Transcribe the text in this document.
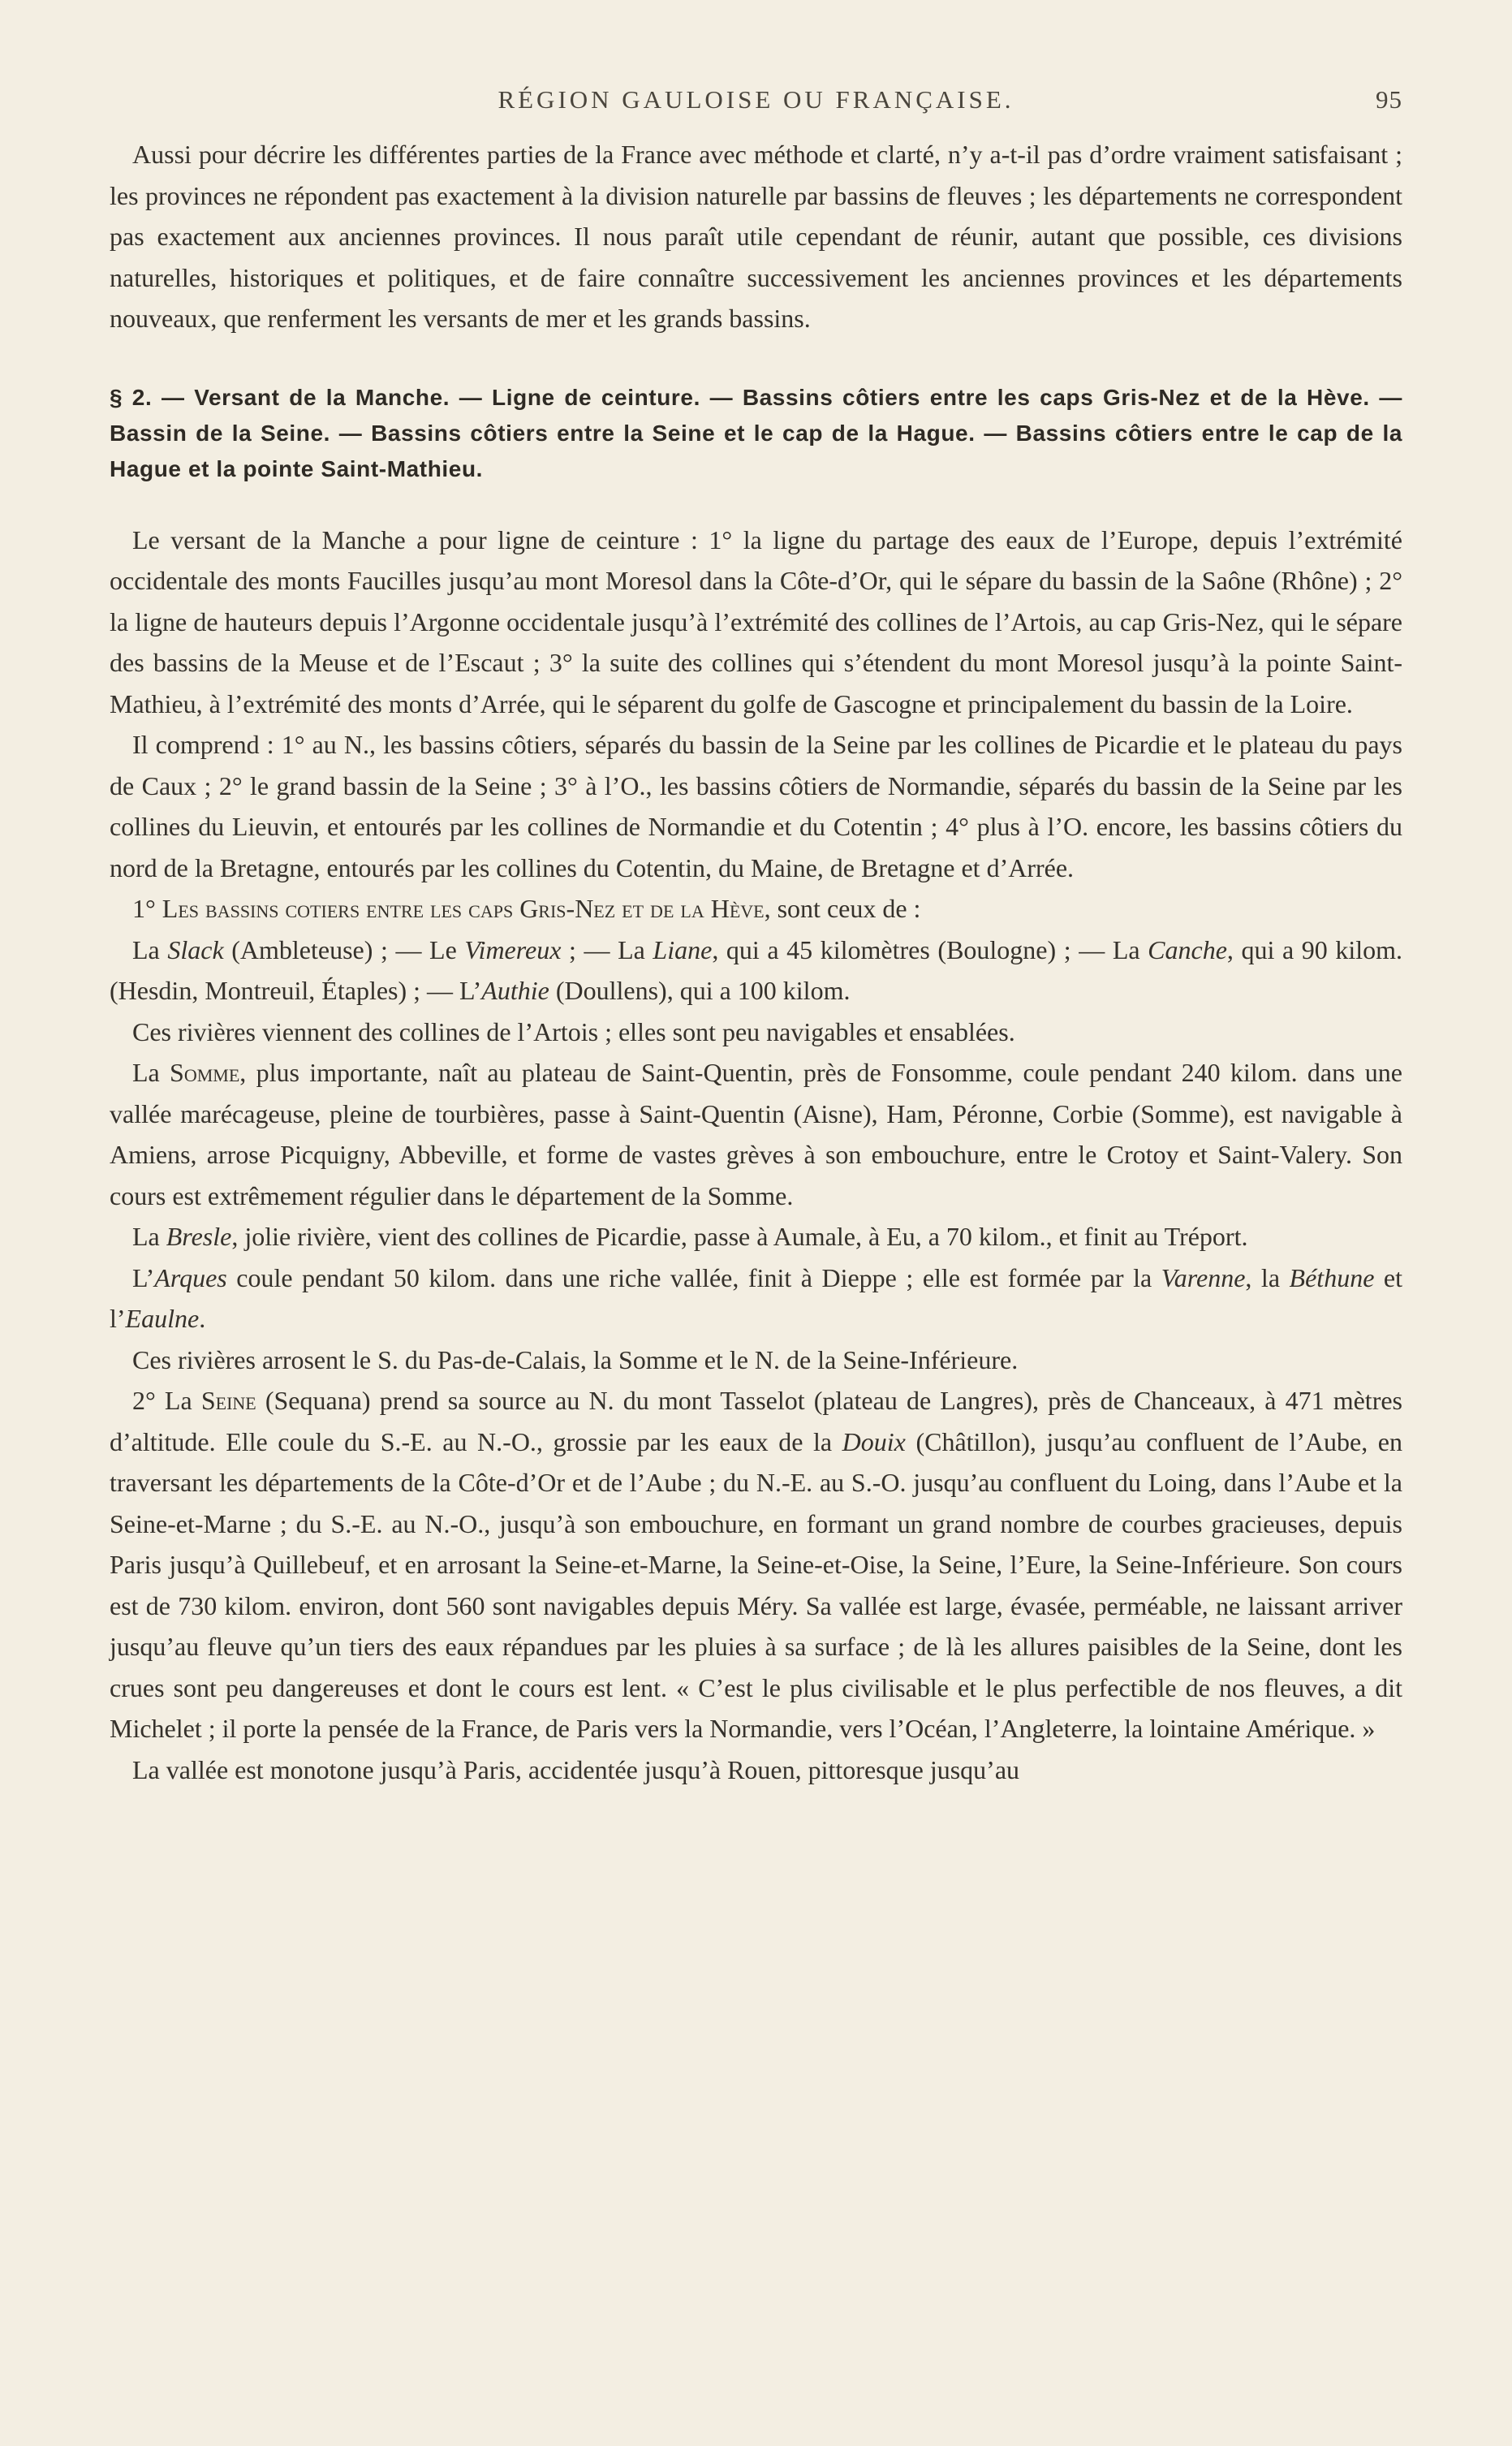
RÉGION GAULOISE OU FRANÇAISE.	95

Aussi pour décrire les différentes parties de la France avec méthode et clarté, n’y a-t-il pas d’ordre vraiment satisfaisant ; les provinces ne répondent pas exactement à la division naturelle par bassins de fleuves ; les départements ne correspondent pas exactement aux anciennes provinces. Il nous paraît utile cependant de réunir, autant que possible, ces divisions naturelles, historiques et politiques, et de faire connaître successivement les anciennes provinces et les départements nouveaux, que renferment les versants de mer et les grands bassins.

§ 2. — Versant de la Manche. — Ligne de ceinture. — Bassins côtiers entre les caps Gris-Nez et de la Hève. — Bassin de la Seine. — Bassins côtiers entre la Seine et le cap de la Hague. — Bassins côtiers entre le cap de la Hague et la pointe Saint-Mathieu.

Le versant de la Manche a pour ligne de ceinture : 1° la ligne du partage des eaux de l’Europe, depuis l’extrémité occidentale des monts Faucilles jusqu’au mont Moresol dans la Côte-d’Or, qui le sépare du bassin de la Saône (Rhône) ; 2° la ligne de hauteurs depuis l’Argonne occidentale jusqu’à l’extrémité des collines de l’Artois, au cap Gris-Nez, qui le sépare des bassins de la Meuse et de l’Escaut ; 3° la suite des collines qui s’étendent du mont Moresol jusqu’à la pointe Saint-Mathieu, à l’extrémité des monts d’Arrée, qui le séparent du golfe de Gascogne et principalement du bassin de la Loire.

Il comprend : 1° au N., les bassins côtiers, séparés du bassin de la Seine par les collines de Picardie et le plateau du pays de Caux ; 2° le grand bassin de la Seine ; 3° à l’O., les bassins côtiers de Normandie, séparés du bassin de la Seine par les collines du Lieuvin, et entourés par les collines de Normandie et du Cotentin ; 4° plus à l’O. encore, les bassins côtiers du nord de la Bretagne, entourés par les collines du Cotentin, du Maine, de Bretagne et d’Arrée.

1° Les bassins cotiers entre les caps Gris-Nez et de la Hève, sont ceux de :

La Slack (Ambleteuse) ; — Le Vimereux ; — La Liane, qui a 45 kilomètres (Boulogne) ; — La Canche, qui a 90 kilom. (Hesdin, Montreuil, Étaples) ; — L’Authie (Doullens), qui a 100 kilom.

Ces rivières viennent des collines de l’Artois ; elles sont peu navigables et ensablées.

La Somme, plus importante, naît au plateau de Saint-Quentin, près de Fonsomme, coule pendant 240 kilom. dans une vallée marécageuse, pleine de tourbières, passe à Saint-Quentin (Aisne), Ham, Péronne, Corbie (Somme), est navigable à Amiens, arrose Picquigny, Abbeville, et forme de vastes grèves à son embouchure, entre le Crotoy et Saint-Valery. Son cours est extrêmement régulier dans le département de la Somme.

La Bresle, jolie rivière, vient des collines de Picardie, passe à Aumale, à Eu, a 70 kilom., et finit au Tréport.

L’Arques coule pendant 50 kilom. dans une riche vallée, finit à Dieppe ; elle est formée par la Varenne, la Béthune et l’Eaulne.

Ces rivières arrosent le S. du Pas-de-Calais, la Somme et le N. de la Seine-Inférieure.

2° La Seine (Sequana) prend sa source au N. du mont Tasselot (plateau de Langres), près de Chanceaux, à 471 mètres d’altitude. Elle coule du S.-E. au N.-O., grossie par les eaux de la Douix (Châtillon), jusqu’au confluent de l’Aube, en traversant les départements de la Côte-d’Or et de l’Aube ; du N.-E. au S.-O. jusqu’au confluent du Loing, dans l’Aube et la Seine-et-Marne ; du S.-E. au N.-O., jusqu’à son embouchure, en formant un grand nombre de courbes gracieuses, depuis Paris jusqu’à Quillebeuf, et en arrosant la Seine-et-Marne, la Seine-et-Oise, la Seine, l’Eure, la Seine-Inférieure. Son cours est de 730 kilom. environ, dont 560 sont navigables depuis Méry. Sa vallée est large, évasée, perméable, ne laissant arriver jusqu’au fleuve qu’un tiers des eaux répandues par les pluies à sa surface ; de là les allures paisibles de la Seine, dont les crues sont peu dangereuses et dont le cours est lent. « C’est le plus civilisable et le plus perfectible de nos fleuves, a dit Michelet ; il porte la pensée de la France, de Paris vers la Normandie, vers l’Océan, l’Angleterre, la lointaine Amérique. »

La vallée est monotone jusqu’à Paris, accidentée jusqu’à Rouen, pittoresque jusqu’au
